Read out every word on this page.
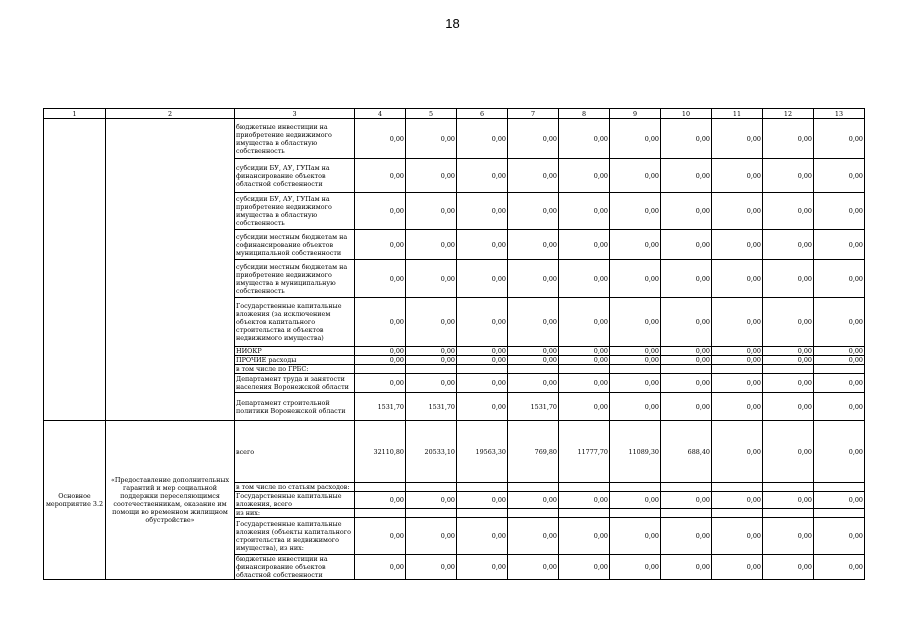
18
1	2	3	4	5	6	7	8	9	10	11	12	13
		бюджетные инвестиции на приобретение недвижимого имущества в областную собственность	0,00	0,00	0,00	0,00	0,00	0,00	0,00	0,00	0,00	0,00
		субсидии БУ, АУ, ГУПам на финансирование объектов областной собственности	0,00	0,00	0,00	0,00	0,00	0,00	0,00	0,00	0,00	0,00
		субсидии БУ, АУ, ГУПам на приобретение недвижимого имущества в областную собственность	0,00	0,00	0,00	0,00	0,00	0,00	0,00	0,00	0,00	0,00
		субсидии местным бюджетам на софинансирование объектов муниципальной собственности	0,00	0,00	0,00	0,00	0,00	0,00	0,00	0,00	0,00	0,00
		субсидии местным бюджетам на приобретение недвижимого имущества в муниципальную собственность	0,00	0,00	0,00	0,00	0,00	0,00	0,00	0,00	0,00	0,00
		Государственные капитальные вложения (за исключением объектов капитального строительства и объектов недвижимого имущества)	0,00	0,00	0,00	0,00	0,00	0,00	0,00	0,00	0,00	0,00
		НИОКР	0,00	0,00	0,00	0,00	0,00	0,00	0,00	0,00	0,00	0,00
		ПРОЧИЕ расходы	0,00	0,00	0,00	0,00	0,00	0,00	0,00	0,00	0,00	0,00
		в том числе по ГРБС:										
		Департамент труда и занятости населения Воронежской области	0,00	0,00	0,00	0,00	0,00	0,00	0,00	0,00	0,00	0,00
		Департамент строительной политики Воронежской области	1531,70	1531,70	0,00	1531,70	0,00	0,00	0,00	0,00	0,00	0,00
Основное мероприятие 3.2	«Предоставление дополнительных гарантий и мер социальной поддержки переселяющимся соотечественникам, оказание им помощи во временном жилищном обустройстве»	всего	32110,80	20533,10	19563,30	769,80	11777,70	11089,30	688,40	0,00	0,00	0,00
		в том числе по статьям расходов:										
		Государственные капитальные вложения, всего	0,00	0,00	0,00	0,00	0,00	0,00	0,00	0,00	0,00	0,00
		из них:										
		Государственные капитальные вложения (объекты капитального строительства и недвижимого имущества), из них:	0,00	0,00	0,00	0,00	0,00	0,00	0,00	0,00	0,00	0,00
		бюджетные инвестиции на финансирование объектов областной собственности	0,00	0,00	0,00	0,00	0,00	0,00	0,00	0,00	0,00	0,00
